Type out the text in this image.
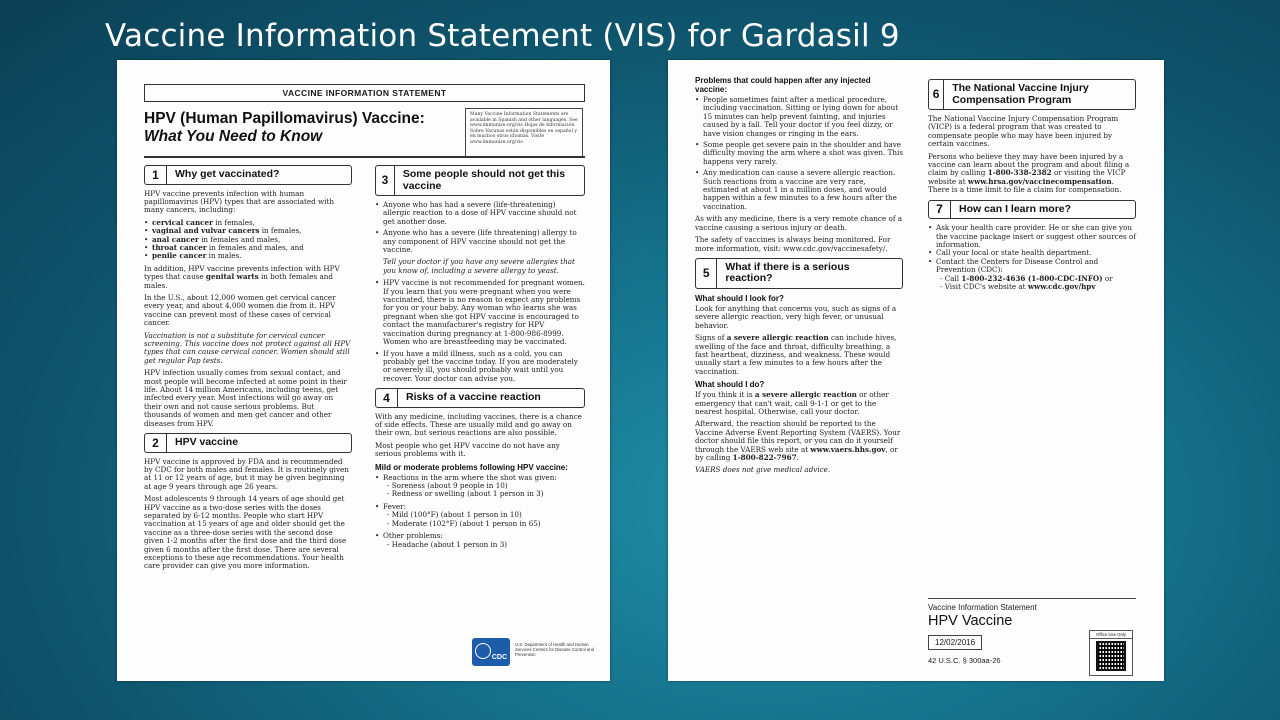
Vaccine Information Statement (VIS) for Gardasil 9
VACCINE INFORMATION STATEMENT
HPV (Human Papillomavirus) Vaccine:
What You Need to Know
Many Vaccine Information Statements are available in Spanish and other languages. See www.immunize.org/vis Hojas de Información Sobre Vacunas están disponibles en español y en muchos otros idiomas. Visite www.immunize.org/vis
1	Why get vaccinated?

HPV vaccine prevents infection with human papillomavirus (HPV) types that are associated with many cancers, including:

• cervical cancer in females,
• vaginal and vulvar cancers in females,
• anal cancer in females and males,
• throat cancer in females and males, and
• penile cancer in males.

In addition, HPV vaccine prevents infection with HPV types that cause genital warts in both females and males.

In the U.S., about 12,000 women get cervical cancer every year, and about 4,000 women die from it. HPV vaccine can prevent most of these cases of cervical cancer.

Vaccination is not a substitute for cervical cancer screening. This vaccine does not protect against all HPV types that can cause cervical cancer. Women should still get regular Pap tests.

HPV infection usually comes from sexual contact, and most people will become infected at some point in their life. About 14 million Americans, including teens, get infected every year. Most infections will go away on their own and not cause serious problems. But thousands of women and men get cancer and other diseases from HPV.

2	HPV vaccine

HPV vaccine is approved by FDA and is recommended by CDC for both males and females. It is routinely given at 11 or 12 years of age, but it may be given beginning at age 9 years through age 26 years.

Most adolescents 9 through 14 years of age should get HPV vaccine as a two-dose series with the doses separated by 6-12 months. People who start HPV vaccination at 15 years of age and older should get the vaccine as a three-dose series with the second dose given 1-2 months after the first dose and the third dose given 6 months after the first dose. There are several exceptions to these age recommendations. Your health care provider can give you more information.

3	Some people should not get this vaccine
• Anyone who has had a severe (life-threatening) allergic reaction to a dose of HPV vaccine should not get another dose.
• Anyone who has a severe (life threatening) allergy to any component of HPV vaccine should not get the vaccine.

Tell your doctor if you have any severe allergies that you know of, including a severe allergy to yeast.

• HPV vaccine is not recommended for pregnant women. If you learn that you were pregnant when you were vaccinated, there is no reason to expect any problems for you or your baby. Any woman who learns she was pregnant when she got HPV vaccine is encouraged to contact the manufacturer's registry for HPV vaccination during pregnancy at 1-800-986-8999. Women who are breastfeeding may be vaccinated.
• If you have a mild illness, such as a cold, you can probably get the vaccine today. If you are moderately or severely ill, you should probably wait until you recover. Your doctor can advise you.
4	Risks of a vaccine reaction

With any medicine, including vaccines, there is a chance of side effects. These are usually mild and go away on their own, but serious reactions are also possible.

Most people who get HPV vaccine do not have any serious problems with it.

Mild or moderate problems following HPV vaccine:
• Reactions in the arm where the shot was given:
- Soreness (about 9 people in 10)
- Redness or swelling (about 1 person in 3)
• Fever:
- Mild (100°F) (about 1 person in 10)
- Moderate (102°F) (about 1 person in 65)
• Other problems:
- Headache (about 1 person in 3)
CDC
U.S. Department of Health and Human Services Centers for Disease Control and Prevention
Problems that could happen after any injected vaccine:
• People sometimes faint after a medical procedure, including vaccination. Sitting or lying down for about 15 minutes can help prevent fainting, and injuries caused by a fall. Tell your doctor if you feel dizzy, or have vision changes or ringing in the ears.
• Some people get severe pain in the shoulder and have difficulty moving the arm where a shot was given. This happens very rarely.
• Any medication can cause a severe allergic reaction. Such reactions from a vaccine are very rare, estimated at about 1 in a million doses, and would happen within a few minutes to a few hours after the vaccination.

As with any medicine, there is a very remote chance of a vaccine causing a serious injury or death.

The safety of vaccines is always being monitored. For more information, visit: www.cdc.gov/vaccinesafety/.

5	What if there is a serious reaction?
What should I look for?

Look for anything that concerns you, such as signs of a severe allergic reaction, very high fever, or unusual behavior.

Signs of a severe allergic reaction can include hives, swelling of the face and throat, difficulty breathing, a fast heartbeat, dizziness, and weakness. These would usually start a few minutes to a few hours after the vaccination.

What should I do?

If you think it is a severe allergic reaction or other emergency that can't wait, call 9-1-1 or get to the nearest hospital. Otherwise, call your doctor.

Afterward, the reaction should be reported to the Vaccine Adverse Event Reporting System (VAERS). Your doctor should file this report, or you can do it yourself through the VAERS web site at www.vaers.hhs.gov, or by calling 1-800-822-7967.

VAERS does not give medical advice.

6	The National Vaccine Injury Compensation Program

The National Vaccine Injury Compensation Program (VICP) is a federal program that was created to compensate people who may have been injured by certain vaccines.

Persons who believe they may have been injured by a vaccine can learn about the program and about filing a claim by calling 1-800-338-2382 or visiting the VICP website at www.hrsa.gov/vaccinecompensation. There is a time limit to file a claim for compensation.

7	How can I learn more?
• Ask your health care provider. He or she can give you the vaccine package insert or suggest other sources of information.
• Call your local or state health department.
• Contact the Centers for Disease Control and Prevention (CDC):
- Call 1-800-232-4636 (1-800-CDC-INFO) or
- Visit CDC's website at www.cdc.gov/hpv
Vaccine Information Statement
HPV Vaccine
12/02/2016
42 U.S.C. § 300aa-26
Office Use Only
